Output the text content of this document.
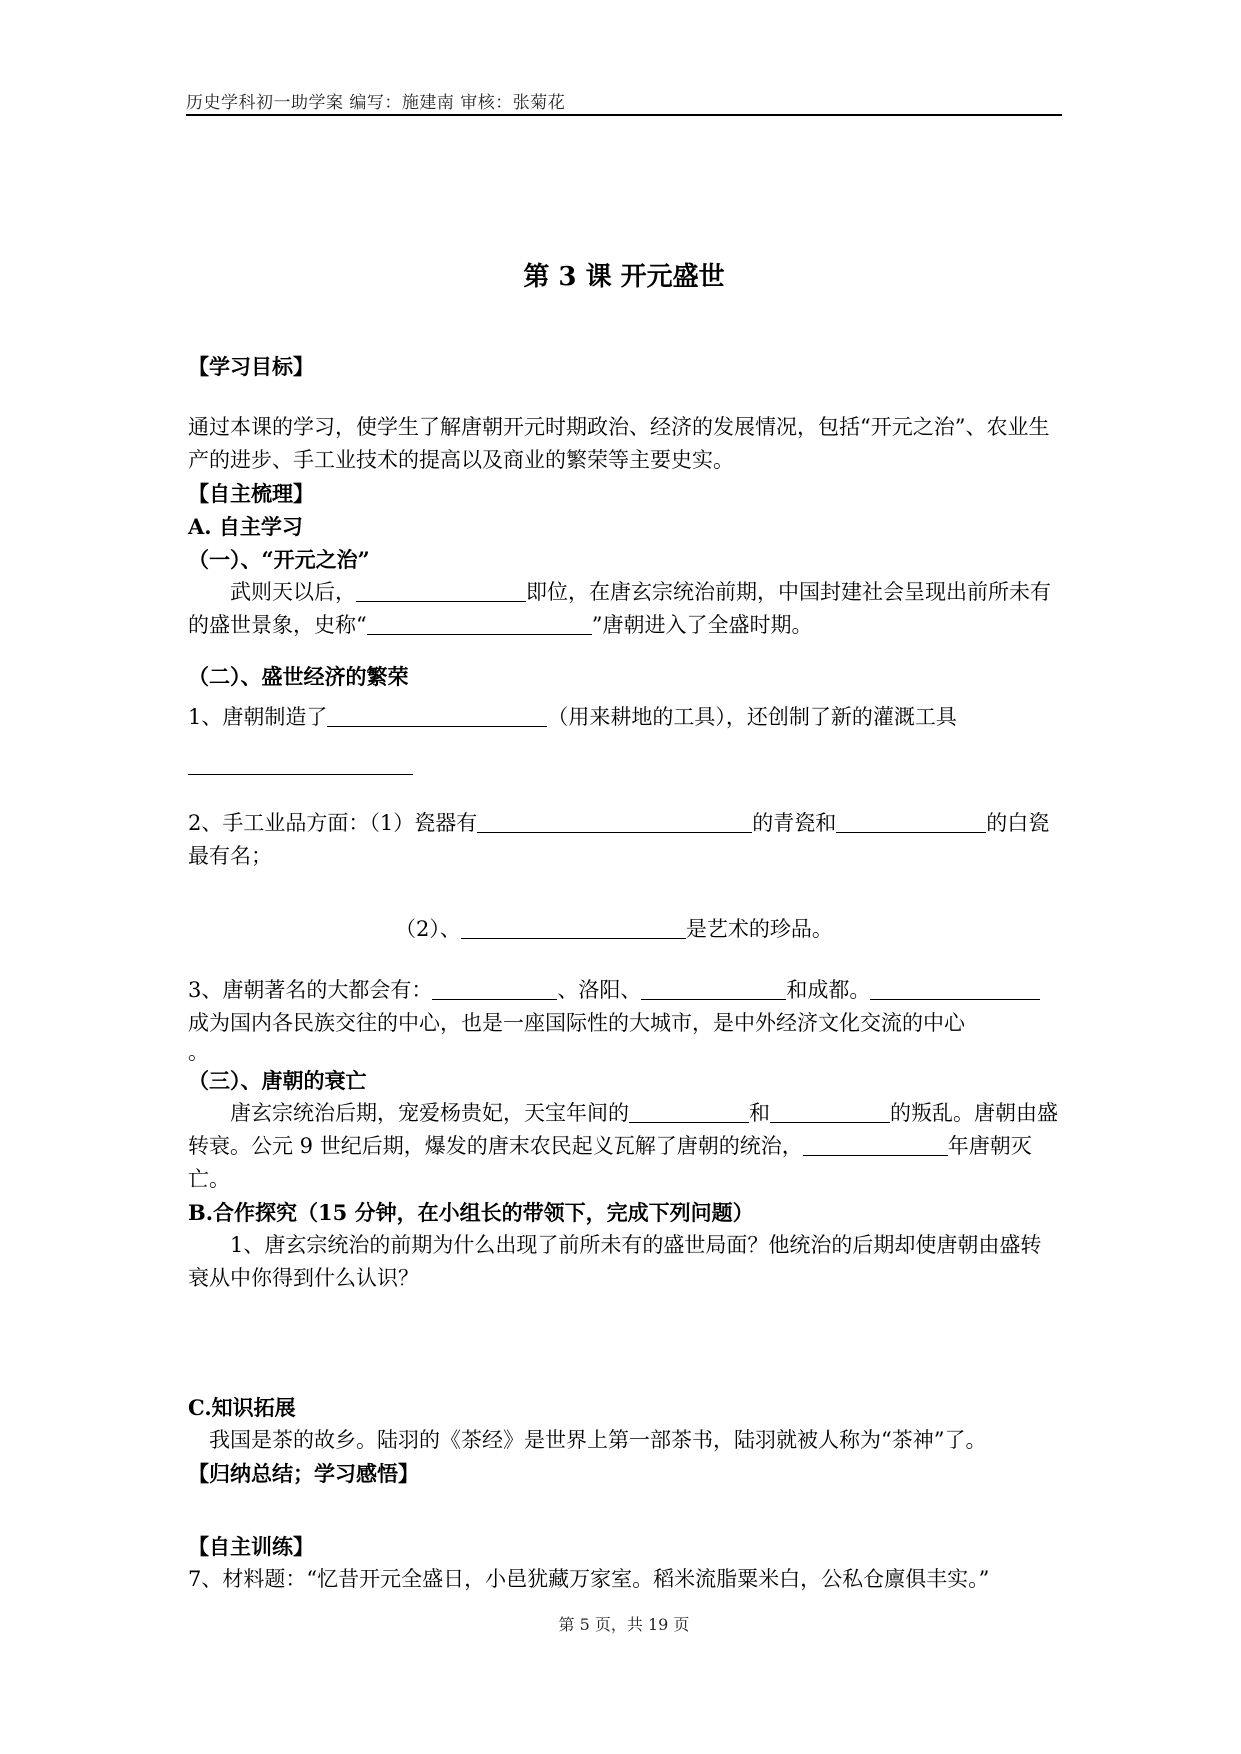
历史学科初一助学案 编写：施建南 审核：张菊花
第 3 课 开元盛世

【学习目标】

通过本课的学习，使学生了解唐朝开元时期政治、经济的发展情况，包括“开元之治”、农业生产的进步、手工业技术的提高以及商业的繁荣等主要史实。

【自主梳理】

A. 自主学习

（一）、“开元之治”

武则天以后，	即位，在唐玄宗统治前期，中国封建社会呈现出前所未有的盛世景象，史称“	”唐朝进入了全盛时期。

（二）、盛世经济的繁荣

1、唐朝制造了	（用来耕地的工具），还创制了新的灌溉工具

2、手工业品方面：（1）瓷器有	的青瓷和	的白瓷最有名；

（2）、	是艺术的珍品。

3、唐朝著名的大都会有：	、洛阳、	和成都。成为国内各民族交往的中心，也是一座国际性的大城市，是中外经济文化交流的中心

。

（三）、唐朝的衰亡

唐玄宗统治后期，宠爱杨贵妃，天宝年间的	和	的叛乱。唐朝由盛转衰。公元 9 世纪后期，爆发的唐末农民起义瓦解了唐朝的统治，	年唐朝灭亡。

B.合作探究（15 分钟，在小组长的带领下，完成下列问题）

1、唐玄宗统治的前期为什么出现了前所未有的盛世局面？他统治的后期却使唐朝由盛转衰从中你得到什么认识？

C.知识拓展

我国是茶的故乡。陆羽的《茶经》是世界上第一部茶书，陆羽就被人称为“茶神”了。

【归纳总结；学习感悟】

【自主训练】

7、材料题：“忆昔开元全盛日，小邑犹藏万家室。稻米流脂粟米白，公私仓廪俱丰实。”

第 5 页，共 19 页
